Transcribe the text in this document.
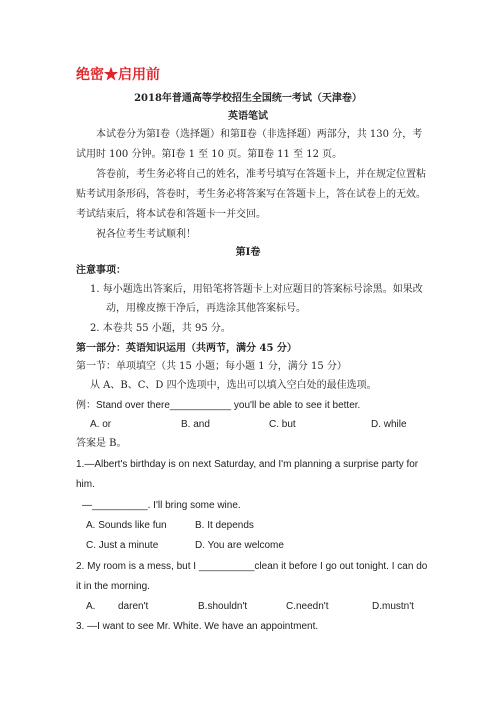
绝密★启用前
2018年普通高等学校招生全国统一考试（天津卷）
英语笔试
本试卷分为第Ⅰ卷（选择题）和第Ⅱ卷（非选择题）两部分，共 130 分，考
试用时 100 分钟。第Ⅰ卷 1 至 10 页。第Ⅱ卷 11 至 12 页。
答卷前，考生务必将自己的姓名，准考号填写在答题卡上，并在规定位置粘
贴考试用条形码，答卷时，考生务必将答案写在答题卡上，答在试卷上的无效。
考试结束后，将本试卷和答题卡一并交回。
祝各位考生考试顺利！
第Ⅰ卷
注意事项：
1. 每小题选出答案后，用铅笔将答题卡上对应题目的答案标号涂黑。如果改
动，用橡皮擦干净后，再选涂其他答案标号。
2. 本卷共 55 小题，共 95 分。
第一部分：英语知识运用（共两节，满分 45 分）
第一节：单项填空（共 15 小题；每小题 1 分，满分 15 分）
从 A、B、C、D 四个选项中，选出可以填入空白处的最佳选项。
例：Stand over there___________ you'll be able to see it better.
A. or	B. and	C. but	D. while
答案是 B。
1.—Albert's birthday is on next Saturday, and I'm planning a surprise party for
him.
—__________. I'll bring some wine.
A. Sounds like fun	B. It depends
C. Just a minute	D. You are welcome
2. My room is a mess, but I __________clean it before I go out tonight. I can do
it in the morning.
A. daren't	B.shouldn't	C.needn't	D.mustn't
3. —I want to see Mr. White. We have an appointment.
